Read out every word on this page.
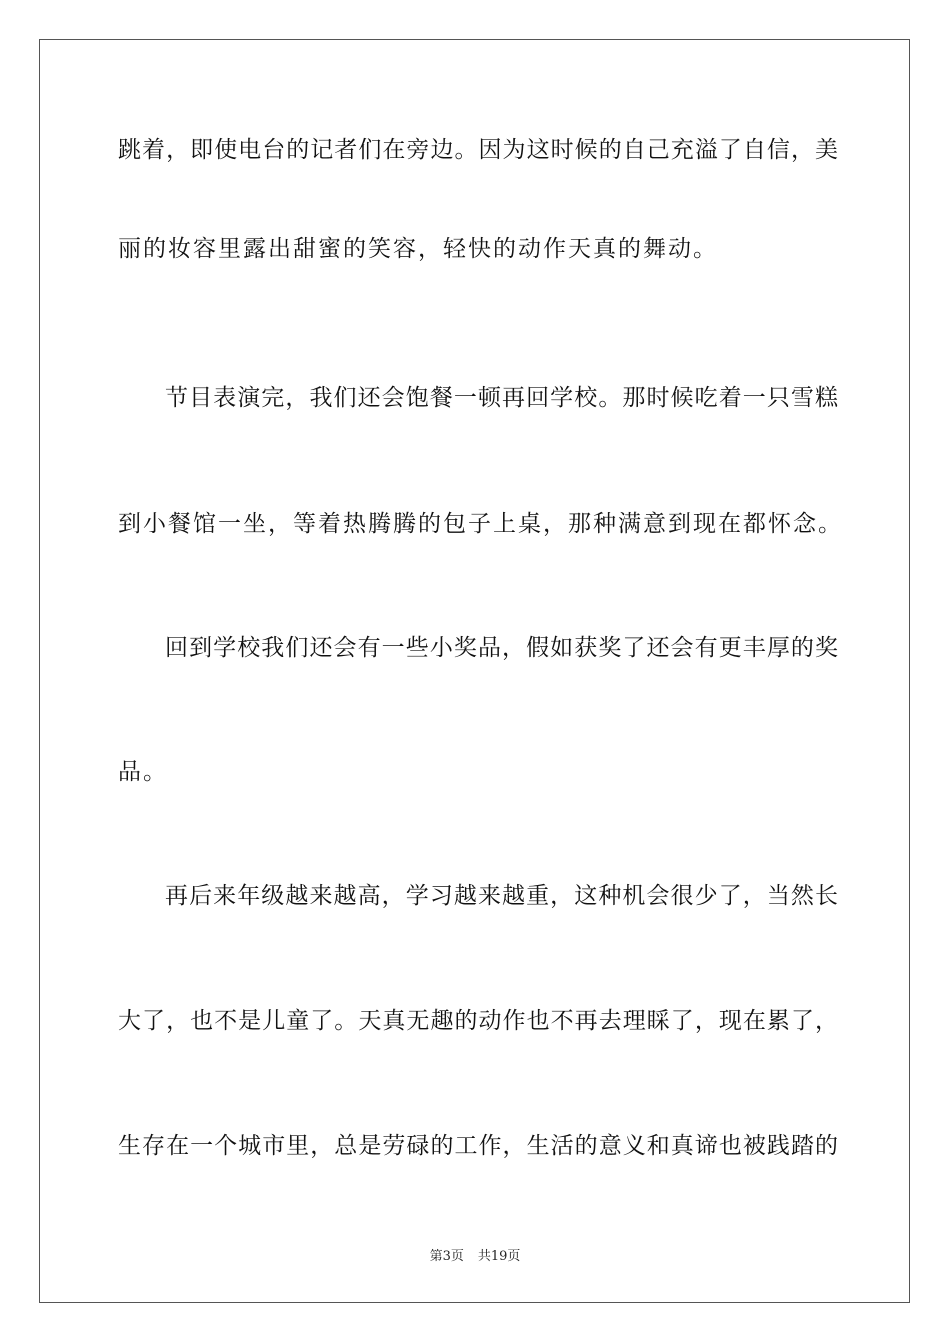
跳着，即使电台的记者们在旁边。因为这时候的自己充溢了自信，美
丽的妆容里露出甜蜜的笑容，轻快的动作天真的舞动。
节目表演完，我们还会饱餐一顿再回学校。那时候吃着一只雪糕
到小餐馆一坐，等着热腾腾的包子上桌，那种满意到现在都怀念。
回到学校我们还会有一些小奖品，假如获奖了还会有更丰厚的奖
品。
再后来年级越来越高，学习越来越重，这种机会很少了，当然长
大了，也不是儿童了。天真无趣的动作也不再去理睬了，现在累了，
生存在一个城市里，总是劳碌的工作，生活的意义和真谛也被践踏的
第3页 共19页
